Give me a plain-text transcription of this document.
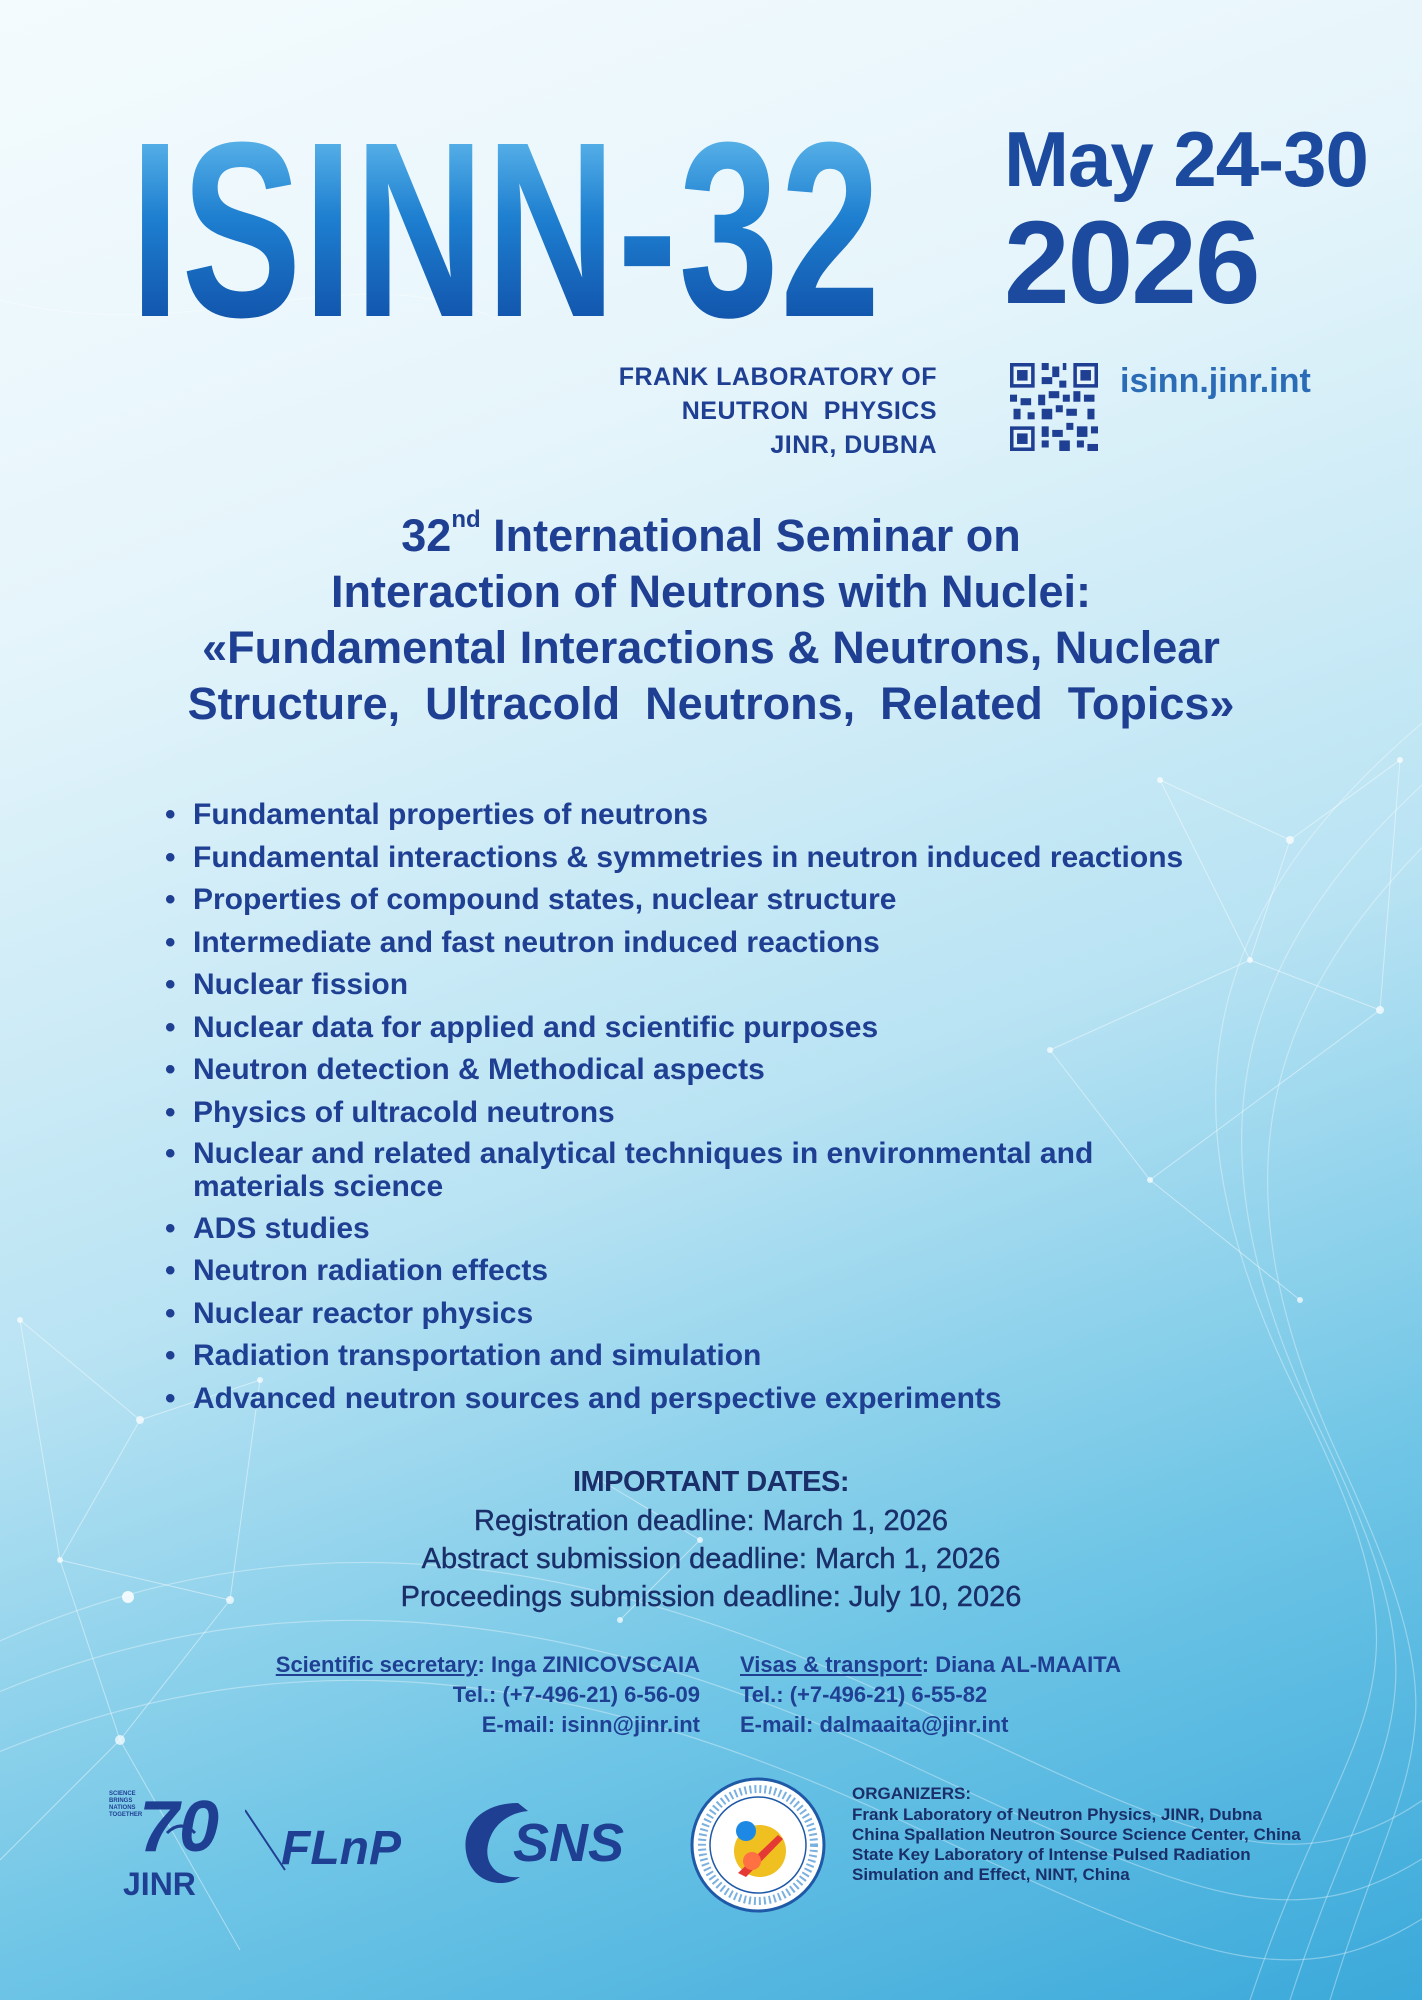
ISINN-32 May 24-30
2026
FRANK LABORATORY OF
NEUTRON  PHYSICS
JINR, DUBNA
isinn.jinr.int
32nd International Seminar on
Interaction of Neutrons with Nuclei:
«Fundamental Interactions & Neutrons, Nuclear
Structure,  Ultracold  Neutrons,  Related  Topics»
• Fundamental properties of neutrons
• Fundamental interactions & symmetries in neutron induced reactions
• Properties of compound states, nuclear structure
• Intermediate and fast neutron induced reactions
• Nuclear fission
• Nuclear data for applied and scientific purposes
• Neutron detection & Methodical aspects
• Physics of ultracold neutrons
• Nuclear and related analytical techniques in environmental and
materials science
• ADS studies
• Neutron radiation effects
• Nuclear reactor physics
• Radiation transportation and simulation
• Advanced neutron sources and perspective experiments
IMPORTANT DATES:
Registration deadline: March 1, 2026
Abstract submission deadline: March 1, 2026
Proceedings submission deadline: July 10, 2026
Scientific secretary: Inga ZINICOVSCAIA
Tel.: (+7-496-21) 6-56-09
E-mail: isinn@jinr.int
Visas & transport: Diana AL-MAAITA
Tel.: (+7-496-21) 6-55-82
E-mail: dalmaaita@jinr.int
SCIENCE
BRINGS
NATIONS
TOGETHER
70
JINR
FLnP SNS
ORGANIZERS:
Frank Laboratory of Neutron Physics, JINR, Dubna
China Spallation Neutron Source Science Center, China
State Key Laboratory of Intense Pulsed Radiation
Simulation and Effect, NINT, China
